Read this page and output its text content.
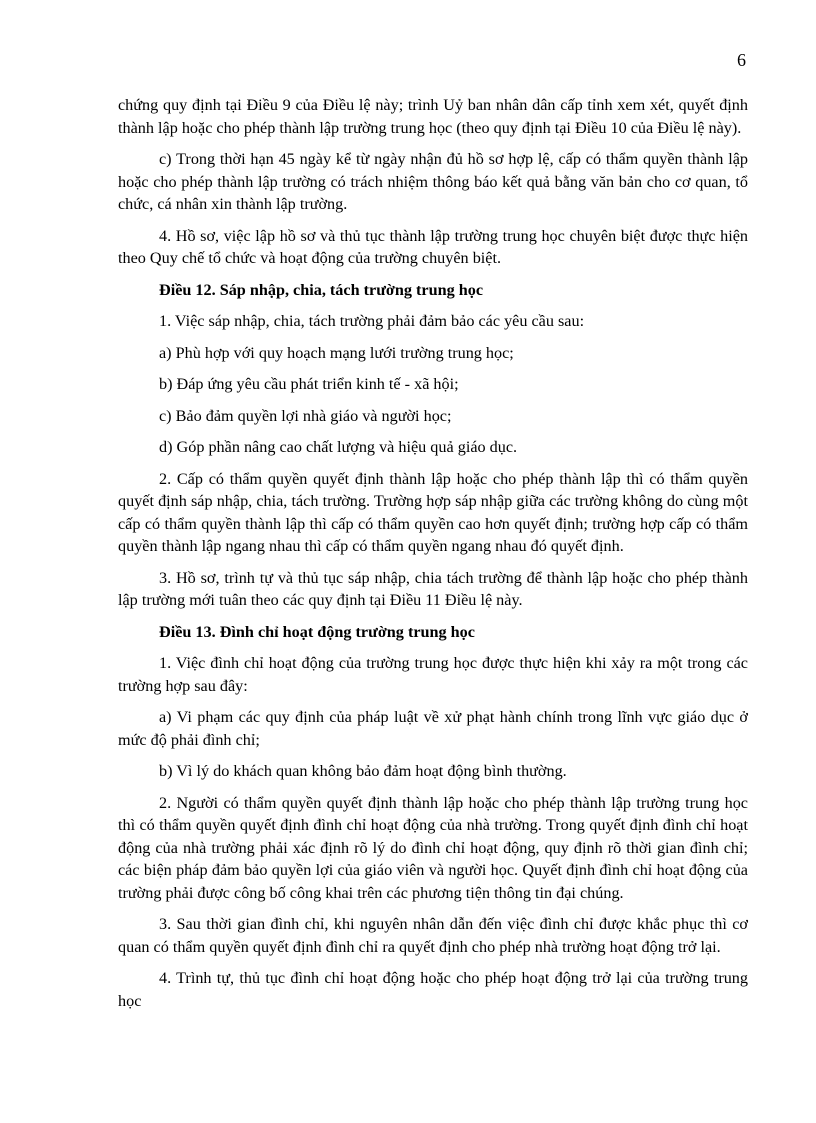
6

chứng quy định tại Điều 9 của Điều lệ này; trình Uỷ ban nhân dân cấp tỉnh xem xét, quyết định thành lập hoặc cho phép thành lập trường trung học (theo quy định tại Điều 10 của Điều lệ này).

c) Trong thời hạn 45 ngày kể từ ngày nhận đủ hồ sơ hợp lệ, cấp có thẩm quyền thành lập hoặc cho phép thành lập trường có trách nhiệm thông báo kết quả bằng văn bản cho cơ quan, tổ chức, cá nhân xin thành lập trường.

4. Hồ sơ, việc lập hồ sơ và thủ tục thành lập trường trung học chuyên biệt được thực hiện theo Quy chế tổ chức và hoạt động của trường chuyên biệt.

Điều 12. Sáp nhập, chia, tách trường trung học

1. Việc sáp nhập, chia, tách trường phải đảm bảo các yêu cầu sau:

a) Phù hợp với quy hoạch mạng lưới trường trung học;

b) Đáp ứng yêu cầu phát triển kinh tế - xã hội;

c) Bảo đảm quyền lợi nhà giáo và người học;

d) Góp phần nâng cao chất lượng và hiệu quả giáo dục.

2. Cấp có thẩm quyền quyết định thành lập hoặc cho phép thành lập thì có thẩm quyền quyết định sáp nhập, chia, tách trường. Trường hợp sáp nhập giữa các trường không do cùng một cấp có thẩm quyền thành lập thì cấp có thẩm quyền cao hơn quyết định; trường hợp cấp có thẩm quyền thành lập ngang nhau thì cấp có thẩm quyền ngang nhau đó quyết định.

3. Hồ sơ, trình tự và thủ tục sáp nhập, chia tách trường để thành lập hoặc cho phép thành lập trường mới tuân theo các quy định tại Điều 11 Điều lệ này.

Điều 13. Đình chỉ hoạt động trường trung học

1. Việc đình chỉ hoạt động của trường trung học được thực hiện khi xảy ra một trong các trường hợp sau đây:

a) Vi phạm các quy định của pháp luật về xử phạt hành chính trong lĩnh vực giáo dục ở mức độ phải đình chỉ;

b) Vì lý do khách quan không bảo đảm hoạt động bình thường.

2. Người có thẩm quyền quyết định thành lập hoặc cho phép thành lập trường trung học thì có thẩm quyền quyết định đình chỉ hoạt động của nhà trường. Trong quyết định đình chỉ hoạt động của nhà trường phải xác định rõ lý do đình chỉ hoạt động, quy định rõ thời gian đình chỉ; các biện pháp đảm bảo quyền lợi của giáo viên và người học. Quyết định đình chỉ hoạt động của trường phải được công bố công khai trên các phương tiện thông tin đại chúng.

3. Sau thời gian đình chỉ, khi nguyên nhân dẫn đến việc đình chỉ được khắc phục thì cơ quan có thẩm quyền quyết định đình chỉ ra quyết định cho phép nhà trường hoạt động trở lại.

4. Trình tự, thủ tục đình chỉ hoạt động hoặc cho phép hoạt động trở lại của trường trung học
